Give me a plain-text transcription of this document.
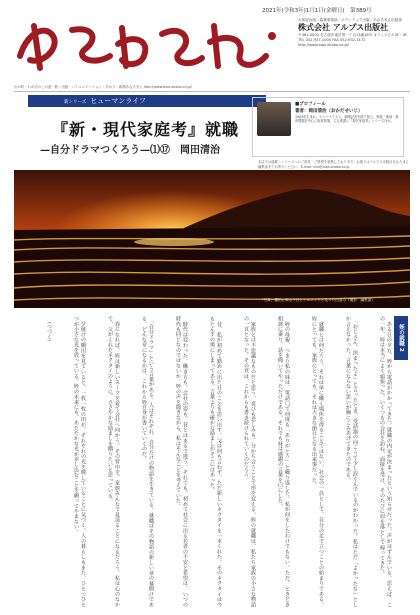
あなろまん
2021年(令和3年)1月1日(金曜日)　第389号
大和屋出版・協賛事業部／ボランティア出版／あなろまん出版部
株式会社 アルプス出版社
〒461-0004 名古屋市東区葵一丁目13番16号 オフィスビル3F・4F
TEL 052-937-1000 FAX 052-932-1172
http://www.alps-shobo.co.jp/
わが町・わが店のこの道一筋／出版・コミュニケーション・あかり・新聞あなろまん http://www.alps-shobo.co.jp/
新シリーズ ヒューマンライフ
『新・現代家庭考』就職
—自分ドラマつくろう—⑴⑰　岡田清治
■プロフィール
著者：岡田清治（おかだせいじ）
1943年生まれ。ジャーナリスト。新聞記者を経て独立。家族・地域・教育問題を中心に取材執筆。主な著書に『現代家庭考』シリーズほか。
本誌では連載・シリーズへのご意見・ご感想を募集しております。お便りはアルプス出版社あなろまん編集部までお寄せください。E-mail: info@alps-shobo.co.jp
「写真」棚田に映る夕日とシルエットとなった山並み（撮影：編集部）
　ある日の夕方、姪から電話がかかってきた。就職の内定が決まったという知らせだった。声がはずんでいる。思えば、この一年、姪は本当によく頑張った。いくつもの会社を訪ね、面接を受け、そのたびに肩を落として帰ってきた。
　「おじさん、決まったよ」と言ったとき、受話器の向こうで少し涙ぐんでいるのがわかった。私はただ「よかったな」としか言えなかった。言葉にならない思いが胸にこみあげてきたのである。
　就職とは何だろう。それは単に働く場所を得ることではない。社会の一員として、自分の足で立つことの始まりである。姪にとっても、家族にとっても、それは大きな節目となる出来事だった。
　姪の母親、つまり私の妹は、電話口で何度も「ありがとう」と繰り返した。私が何をしたわけでもない。ただ、ときどき相談に乗り、話を聞いてやっただけである。それでも妹は感謝の言葉を口にした。
　家族とは不思議なものだと思う。喜びも悲しみも、分かち合うことで形を変える。姪の就職は、私たち家族の小さな物語の一頁となった。その頁は、これからも書き続けられていくのだろう。
　昔、私が初めて勤めに出た日のことを思い出す。父は何も言わず、ただ新しいネクタイを一本くれた。そのネクタイは今もたんすの奥にしまってある。言葉よりも確かな励ましがそこにはあった。
　時代は変わった。働き方も、会社の姿も、昔とはまるで違う。それでも、初めて社会に出る若者の不安と希望は、いつの時代も同じなのではないか。姪の声を聞きながら、私はそんなことを考えていた。
　「自分ドラマ」という言葉がある。人はそれぞれ、自分だけの物語を生きている。就職はその物語の新しい章の幕開けである。どんな章になるかは、これから姪自身が書いていくのだ。
　春になれば、姪は新しいスーツを着て会社へ向かう。その背中を、家族みんなで見送ることになるだろう。私は心のなかで、父がくれたネクタイのように、ささやかな励ましを贈りたいと思っている。
　夕焼けの棚田を見ていると、一枚一枚の田が、それぞれの光を映していることに気づく。人の暮らしもまた、ひとつひとつが小さな光を放っている。姪の未来にも、あたたかな光が差し込むことを願ってやまない。
　（つづく）	姪の就職 2
